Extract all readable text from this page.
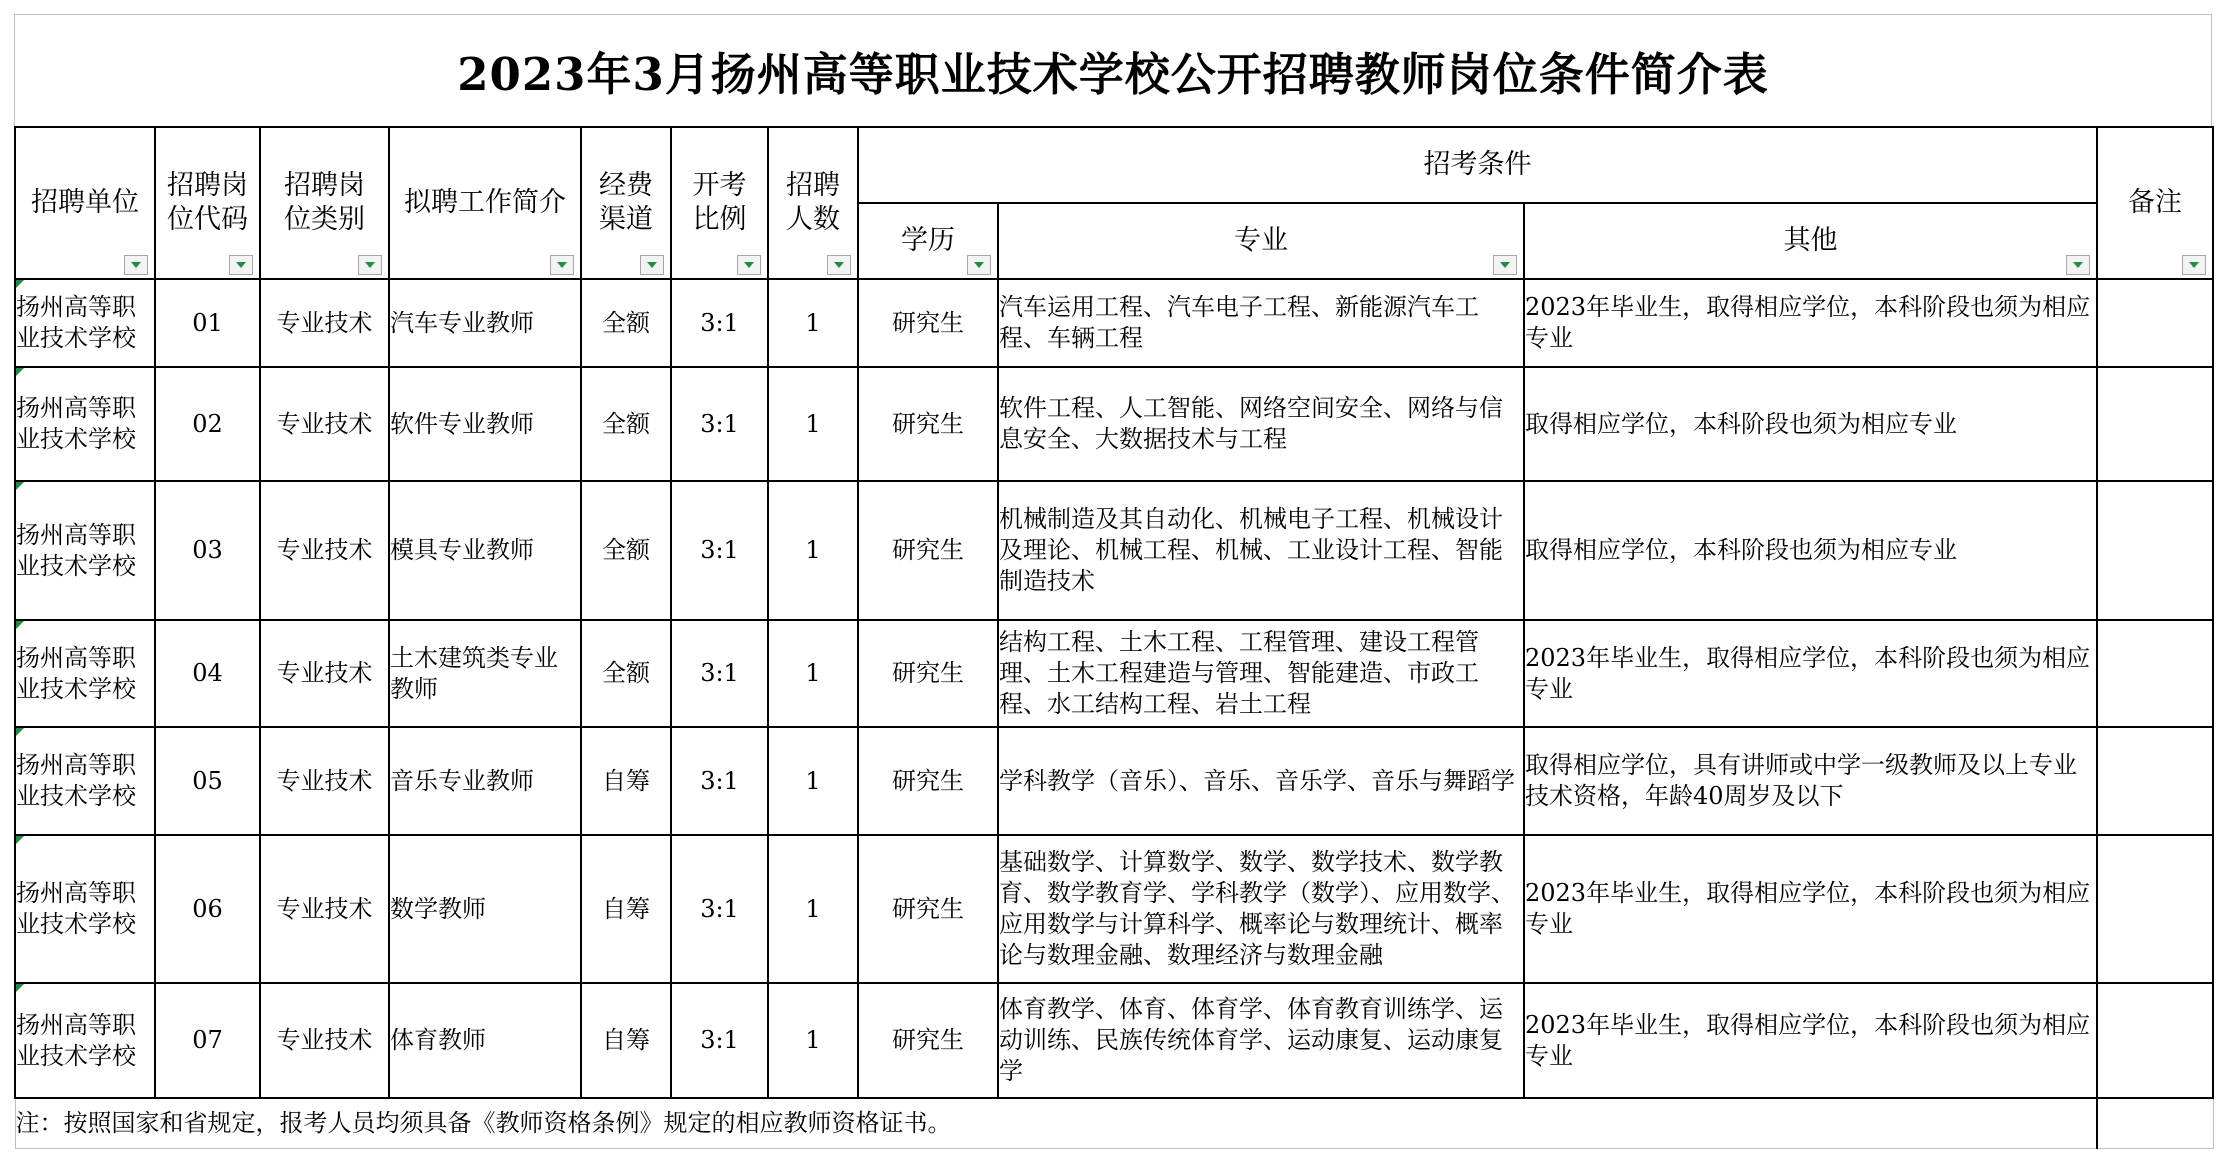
2023年3月扬州高等职业技术学校公开招聘教师岗位条件简介表
招聘单位	招聘岗位代码	招聘岗位类别	拟聘工作简介	经费渠道	开考比例	招聘人数	招考条件			备注

							学历	专业	其他	

扬州高等职业技术学校	01	专业技术	汽车专业教师	全额	3:1	1	研究生	汽车运用工程、汽车电子工程、新能源汽车工程、车辆工程	2023年毕业生，取得相应学位，本科阶段也须为相应专业	
扬州高等职业技术学校	02	专业技术	软件专业教师	全额	3:1	1	研究生	软件工程、人工智能、网络空间安全、网络与信息安全、大数据技术与工程	取得相应学位，本科阶段也须为相应专业	
扬州高等职业技术学校	03	专业技术	模具专业教师	全额	3:1	1	研究生	机械制造及其自动化、机械电子工程、机械设计及理论、机械工程、机械、工业设计工程、智能制造技术	取得相应学位，本科阶段也须为相应专业	
扬州高等职业技术学校	04	专业技术	土木建筑类专业教师	全额	3:1	1	研究生	结构工程、土木工程、工程管理、建设工程管理、土木工程建造与管理、智能建造、市政工程、水工结构工程、岩土工程	2023年毕业生，取得相应学位，本科阶段也须为相应专业	
扬州高等职业技术学校	05	专业技术	音乐专业教师	自筹	3:1	1	研究生	学科教学（音乐）、音乐、音乐学、音乐与舞蹈学	取得相应学位，具有讲师或中学一级教师及以上专业技术资格，年龄40周岁及以下	
扬州高等职业技术学校	06	专业技术	数学教师	自筹	3:1	1	研究生	基础数学、计算数学、数学、数学技术、数学教育、数学教育学、学科教学（数学）、应用数学、应用数学与计算科学、概率论与数理统计、概率论与数理金融、数理经济与数理金融	2023年毕业生，取得相应学位，本科阶段也须为相应专业	
扬州高等职业技术学校	07	专业技术	体育教师	自筹	3:1	1	研究生	体育教学、体育、体育学、体育教育训练学、运动训练、民族传统体育学、运动康复、运动康复学	2023年毕业生，取得相应学位，本科阶段也须为相应专业	
注：按照国家和省规定，报考人员均须具备《教师资格条例》规定的相应教师资格证书。										
